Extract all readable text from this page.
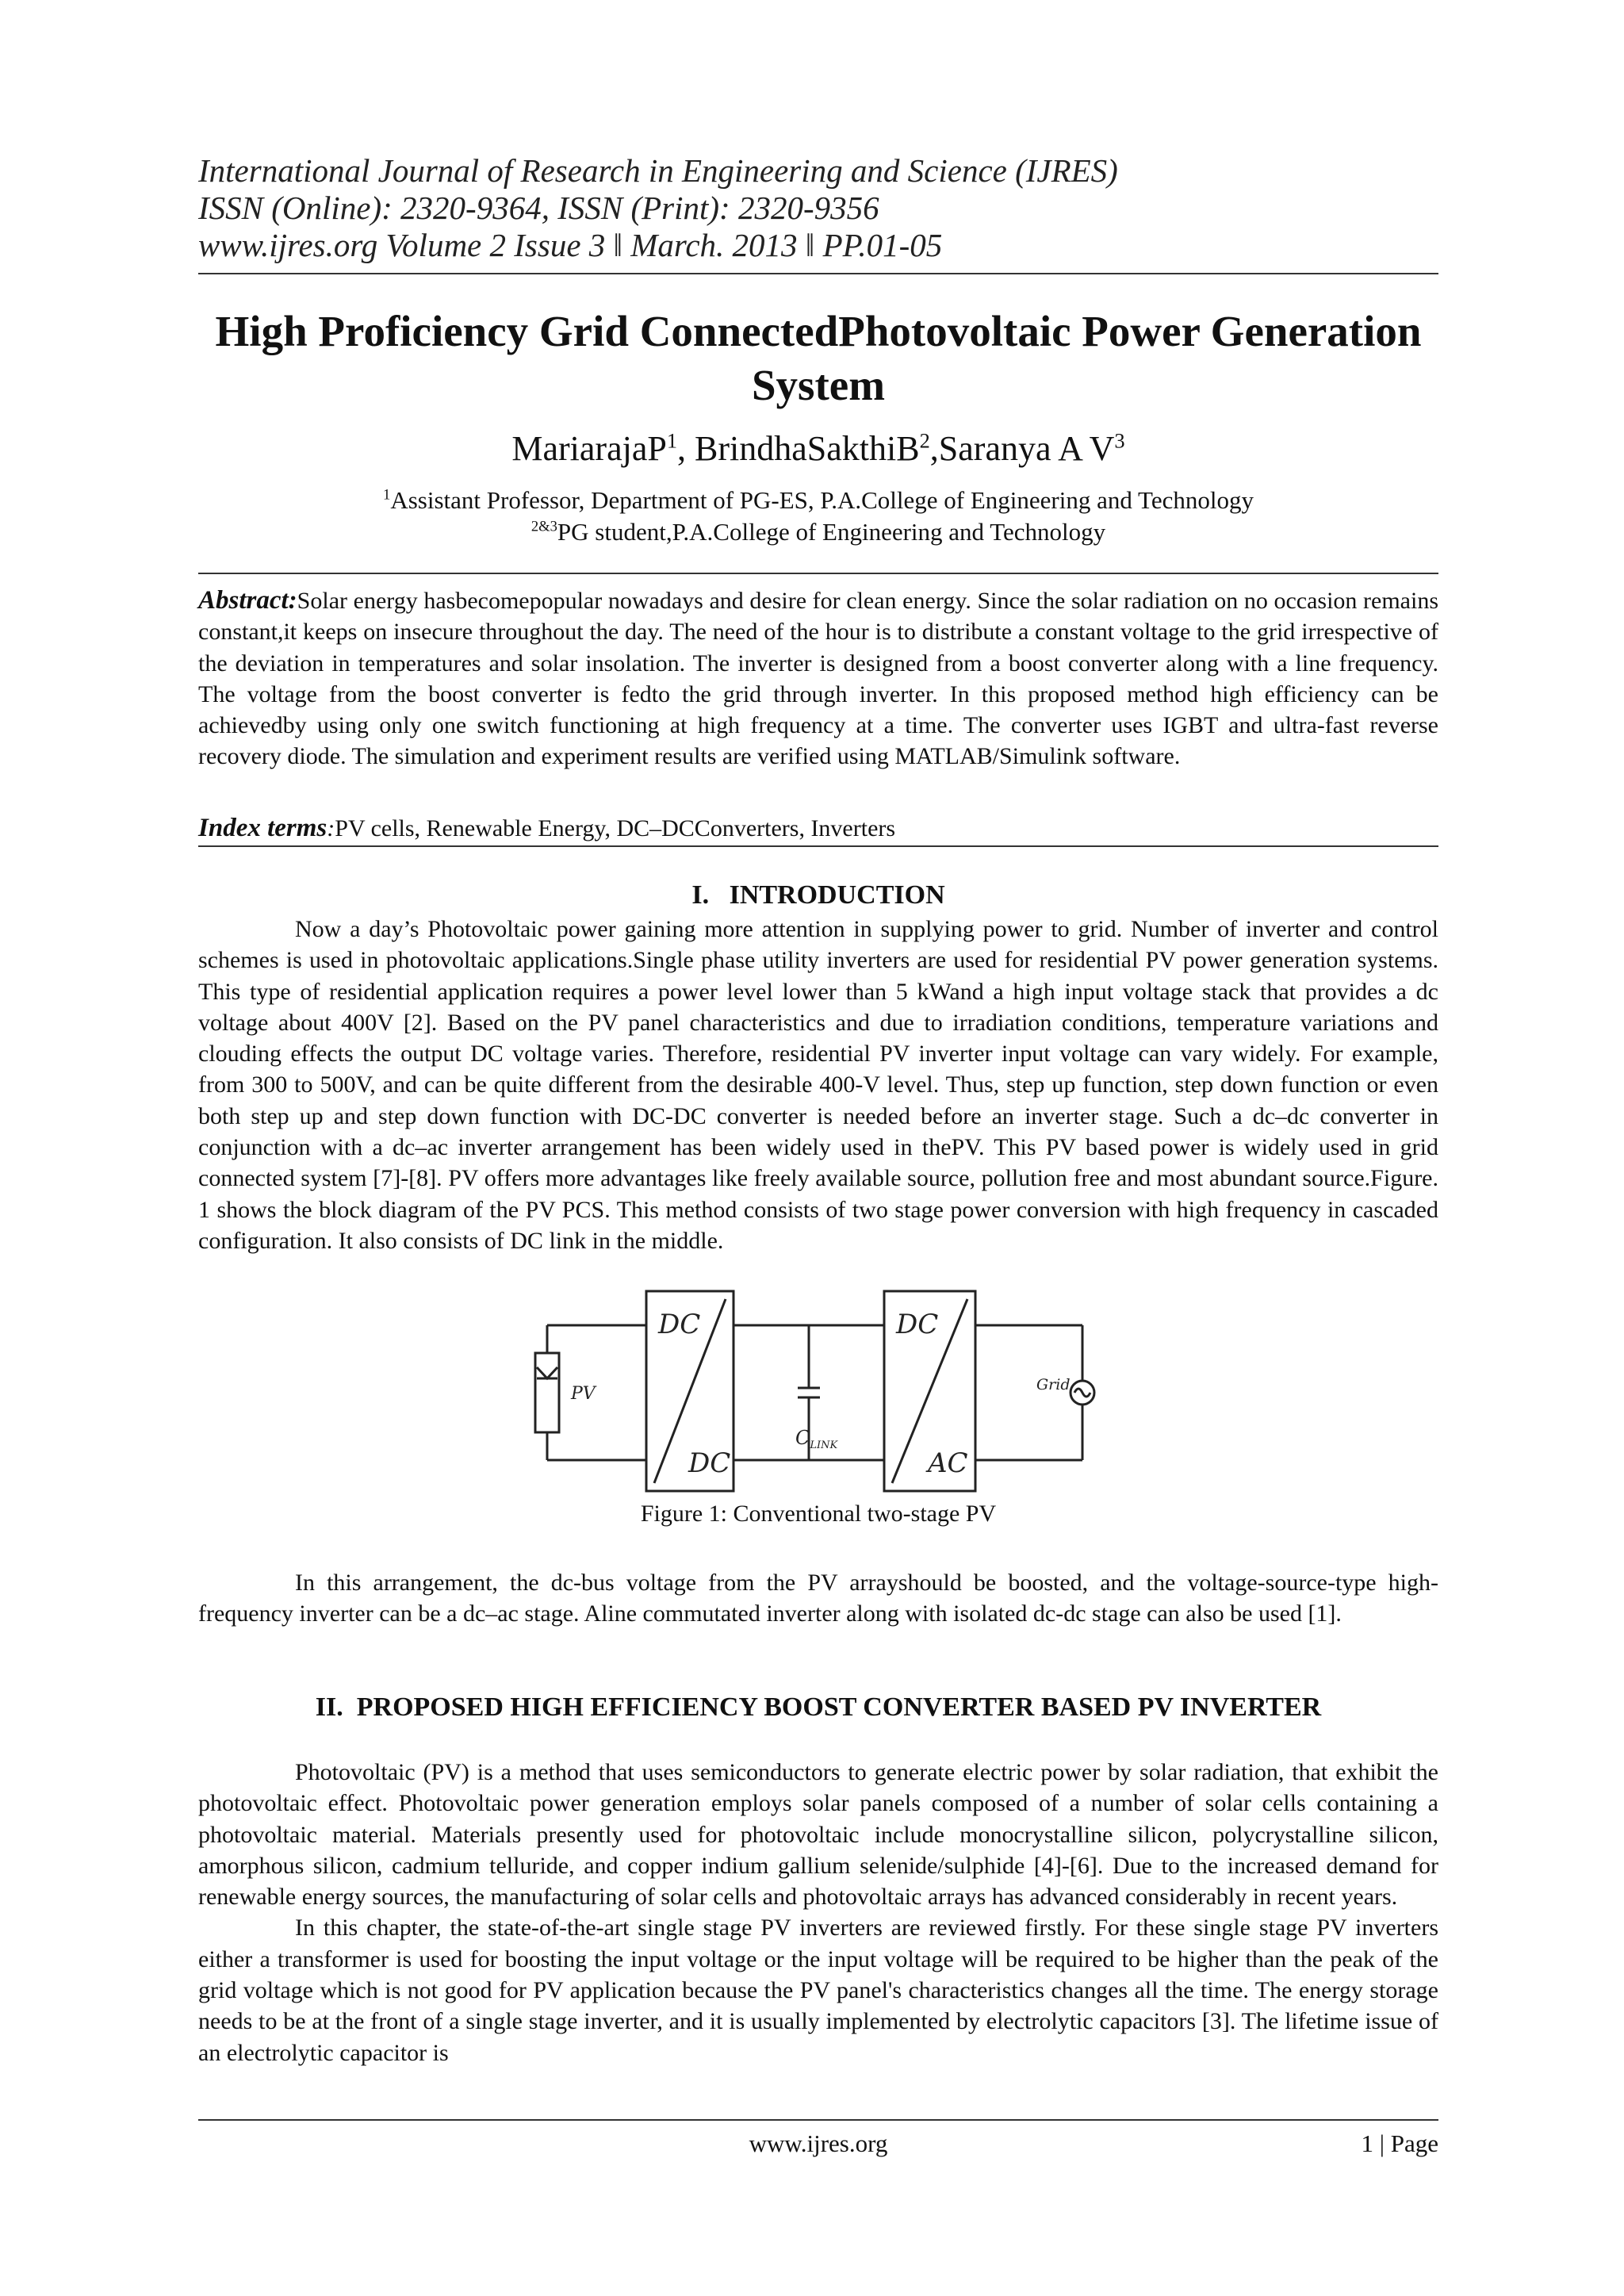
International Journal of Research in Engineering and Science (IJRES)
ISSN (Online): 2320-9364, ISSN (Print): 2320-9356
www.ijres.org Volume 2 Issue 3 ǁ March. 2013 ǁ PP.01-05
High Proficiency Grid ConnectedPhotovoltaic Power Generation System
MariarajaP$^1$, BrindhaSakthiB$^2$,Saranya A $V^3$
$^1$Assistant Professor, Department of PG-ES, P.A.College of Engineering and Technology
$^{2\&3}$PG student,P.A.College of Engineering and Technology
Abstract:Solar energy hasbecomepopular nowadays and desire for clean energy. Since the solar radiation on no occasion remains constant,it keeps on insecure throughout the day. The need of the hour is to distribute a constant voltage to the grid irrespective of the deviation in temperatures and solar insolation. The inverter is designed from a boost converter along with a line frequency. The voltage from the boost converter is fedto the grid through inverter. In this proposed method high efficiency can be achievedby using only one switch functioning at high frequency at a time. The converter uses IGBT and ultra-fast reverse recovery diode. The simulation and experiment results are verified using MATLAB/Simulink software.
Index terms:PV cells, Renewable Energy, DC–DCConverters, Inverters
I.   INTRODUCTION

Now a day’s Photovoltaic power gaining more attention in supplying power to grid. Number of inverter and control schemes is used in photovoltaic applications.Single phase utility inverters are used for residential PV power generation systems. This type of residential application requires a power level lower than 5 kWand a high input voltage stack that provides a dc voltage about 400V [2]. Based on the PV panel characteristics and due to irradiation conditions, temperature variations and clouding effects the output DC voltage varies. Therefore, residential PV inverter input voltage can vary widely. For example, from 300 to 500V, and can be quite different from the desirable 400-V level. Thus, step up function, step down function or even both step up and step down function with DC-DC converter is needed before an inverter stage. Such a dc–dc converter in conjunction with a dc–ac inverter arrangement has been widely used in thePV. This PV based power is widely used in grid connected system [7]-[8]. PV offers more advantages like freely available source, pollution free and most abundant source.Figure. 1 shows the block diagram of the PV PCS. This method consists of two stage power conversion with high frequency in cascaded configuration. It also consists of DC link in the middle.

PV
DC
DC
$C_{LINK}$
DC
AC
Grid
Figure 1: Conventional two-stage PV

In this arrangement, the dc-bus voltage from the PV arrayshould be boosted, and the voltage-source-type high-frequency inverter can be a dc–ac stage. Aline commutated inverter along with isolated dc-dc stage can also be used [1].

II.  PROPOSED HIGH EFFICIENCY BOOST CONVERTER BASED PV INVERTER

Photovoltaic (PV) is a method that uses semiconductors to generate electric power by solar radiation, that exhibit the photovoltaic effect. Photovoltaic power generation employs solar panels composed of a number of solar cells containing a photovoltaic material. Materials presently used for photovoltaic include monocrystalline silicon, polycrystalline silicon, amorphous silicon, cadmium telluride, and copper indium gallium selenide/sulphide [4]-[6]. Due to the increased demand for renewable energy sources, the manufacturing of solar cells and photovoltaic arrays has advanced considerably in recent years.

In this chapter, the state-of-the-art single stage PV inverters are reviewed firstly. For these single stage PV inverters either a transformer is used for boosting the input voltage or the input voltage will be required to be higher than the peak of the grid voltage which is not good for PV application because the PV panel's characteristics changes all the time. The energy storage needs to be at the front of a single stage inverter, and it is usually implemented by electrolytic capacitors [3]. The lifetime issue of an electrolytic capacitor is

www.ijres.org	1 | Page
